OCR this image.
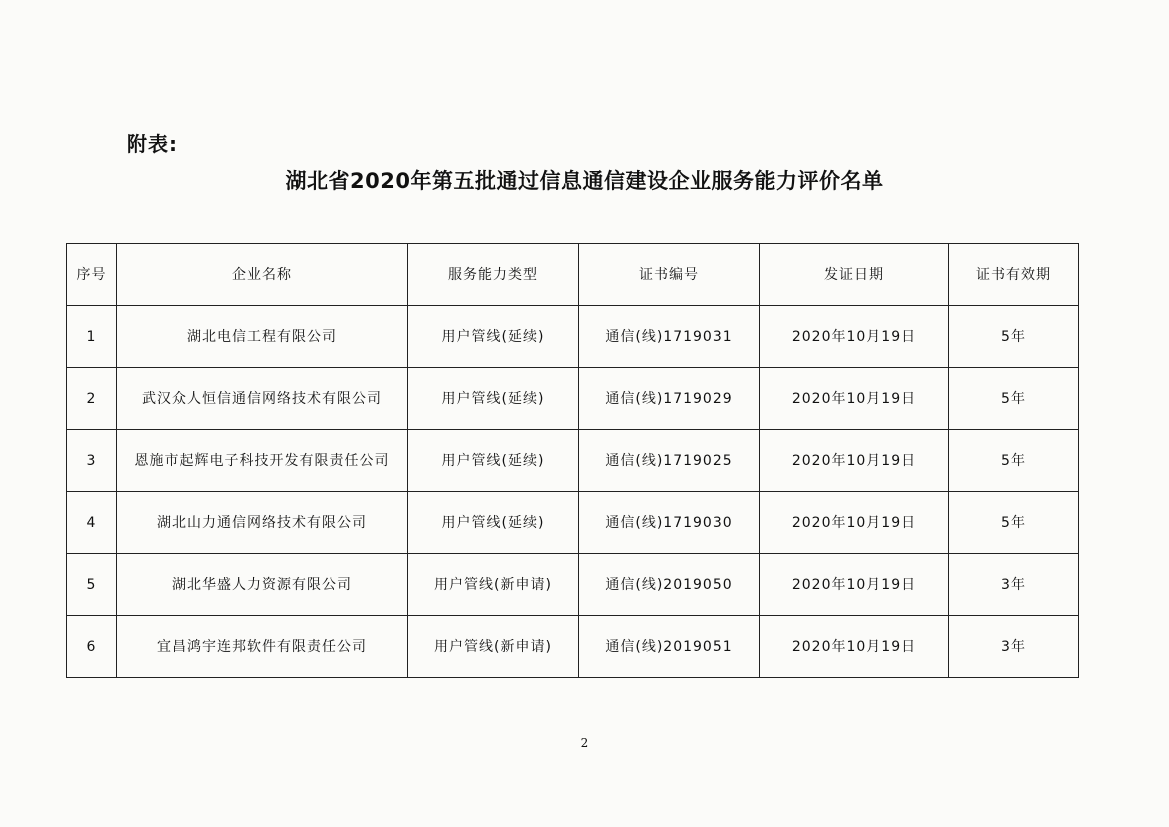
附表:
湖北省2020年第五批通过信息通信建设企业服务能力评价名单
序号	企业名称	服务能力类型	证书编号	发证日期	证书有效期
1	湖北电信工程有限公司	用户管线(延续)	通信(线)1719031	2020年10月19日	5年
2	武汉众人恒信通信网络技术有限公司	用户管线(延续)	通信(线)1719029	2020年10月19日	5年
3	恩施市起辉电子科技开发有限责任公司	用户管线(延续)	通信(线)1719025	2020年10月19日	5年
4	湖北山力通信网络技术有限公司	用户管线(延续)	通信(线)1719030	2020年10月19日	5年
5	湖北华盛人力资源有限公司	用户管线(新申请)	通信(线)2019050	2020年10月19日	3年
6	宜昌鸿宇连邦软件有限责任公司	用户管线(新申请)	通信(线)2019051	2020年10月19日	3年
2
